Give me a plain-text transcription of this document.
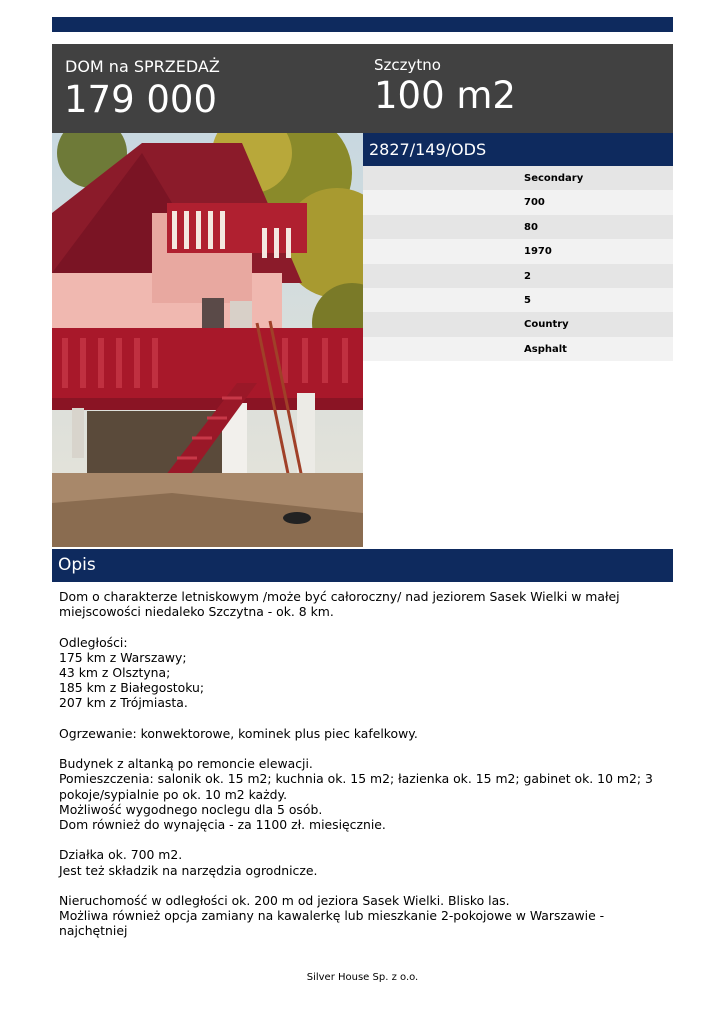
DOM na SPRZEDAŻ
179 000
Szczytno
100 m2
2827/149/ODS
Secondary
700
80
1970
2
5
Country
Asphalt
Opis
Dom o charakterze letniskowym /może być całoroczny/ nad jeziorem Sasek Wielki w małej miejscowości niedaleko Szczytna - ok. 8 km.

Odległości:
175 km z Warszawy;
43 km z Olsztyna;
185 km z Białegostoku;
207 km z Trójmiasta.

Ogrzewanie: konwektorowe, kominek plus piec kafelkowy.

Budynek z altanką po remoncie elewacji.
Pomieszczenia: salonik ok. 15 m2; kuchnia ok. 15 m2; łazienka ok. 15 m2; gabinet ok. 10 m2; 3 pokoje/sypialnie po ok. 10 m2 każdy.
Możliwość wygodnego noclegu dla 5 osób.
Dom również do wynajęcia - za 1100 zł. miesięcznie.

Działka ok. 700 m2.
Jest też składzik na narzędzia ogrodnicze.

Nieruchomość w odległości ok. 200 m od jeziora Sasek Wielki. Blisko las.
Możliwa również opcja zamiany na kawalerkę lub mieszkanie 2-pokojowe w Warszawie - najchętniej
Silver House Sp. z o.o.
